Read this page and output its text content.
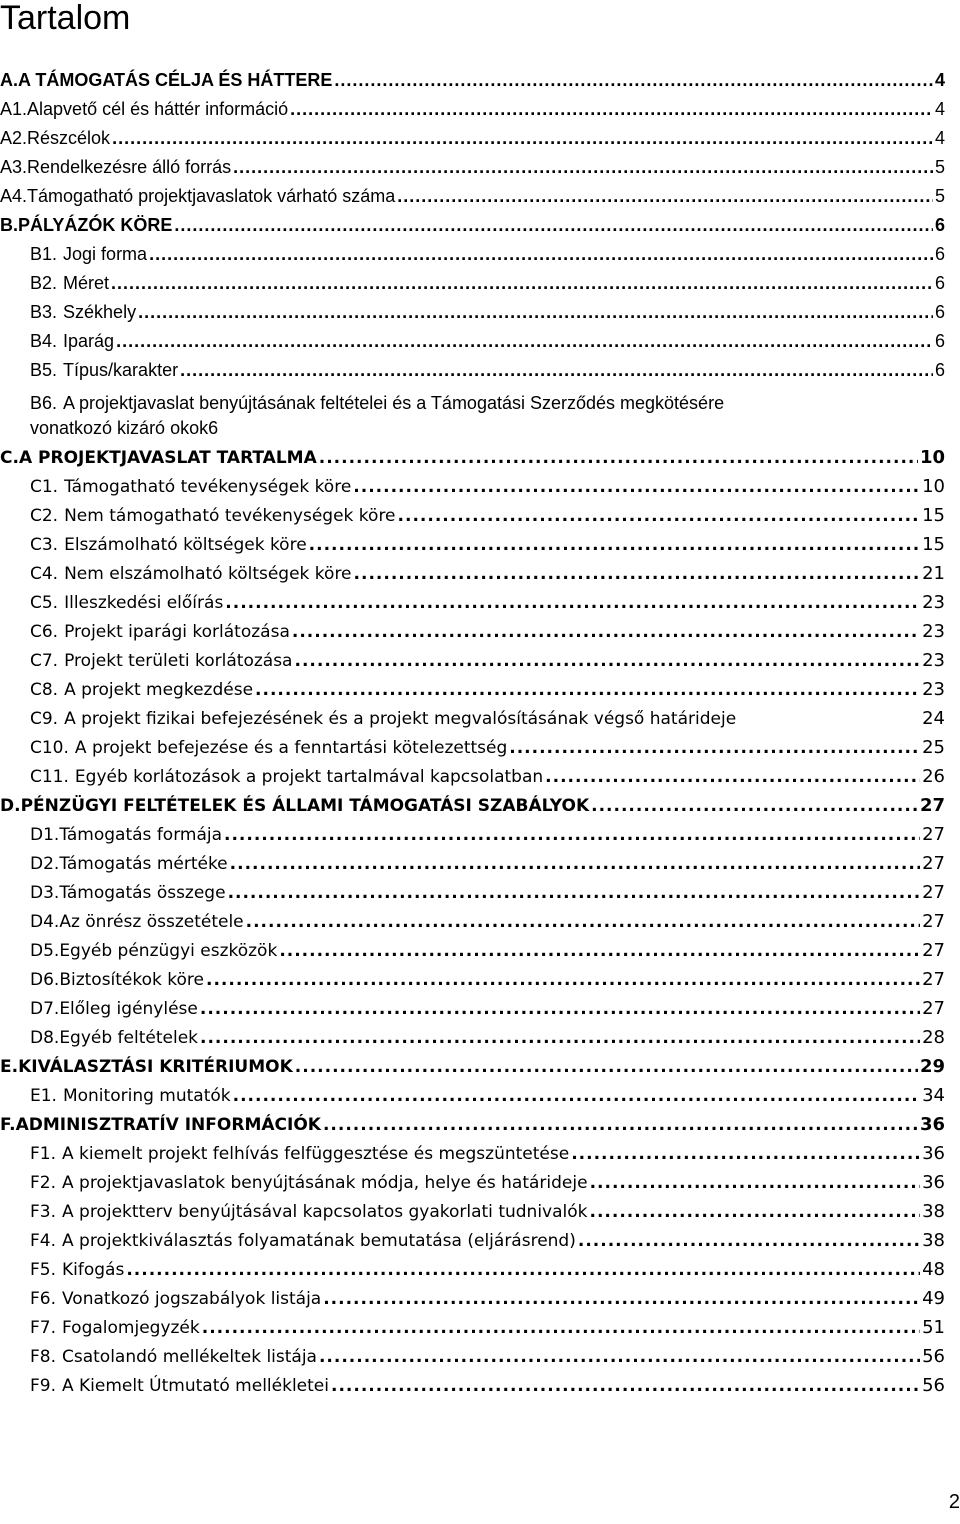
Tartalom
A. A TÁMOGATÁS CÉLJA ÉS HÁTTERE .....	4
A1. Alapvető cél és háttér információ .....	4
A2. Részcélok .....	4
A3. Rendelkezésre álló forrás .....	5
A4. Támogatható projektjavaslatok várható száma .....	5
B. PÁLYÁZÓK KÖRE .....	6
B1. Jogi forma .....	6
B2. Méret .....	6
B3. Székhely .....	6
B4. Iparág .....	6
B5. Típus/karakter .....	6
B6. A projektjavaslat benyújtásának feltételei és a Támogatási Szerződés megkötésére
vonatkozó kizáró okok 6
C. A PROJEKTJAVASLAT TARTALMA .....	10
C1. Támogatható tevékenységek köre .....	10
C2. Nem támogatható tevékenységek köre .....	15
C3. Elszámolható költségek köre .....	15
C4. Nem elszámolható költségek köre .....	21
C5. Illeszkedési előírás .....	23
C6. Projekt iparági korlátozása .....	23
C7. Projekt területi korlátozása .....	23
C8. A projekt megkezdése .....	23
C9. A projekt fizikai befejezésének és a projekt megvalósításának végső határideje	24
C10. A projekt befejezése és a fenntartási kötelezettség .....	25
C11. Egyéb korlátozások a projekt tartalmával kapcsolatban .....	26
D. PÉNZÜGYI FELTÉTELEK ÉS ÁLLAMI TÁMOGATÁSI SZABÁLYOK .....	27
D1. Támogatás formája .....	27
D2. Támogatás mértéke .....	27
D3. Támogatás összege .....	27
D4. Az önrész összetétele .....	27
D5. Egyéb pénzügyi eszközök .....	27
D6. Biztosítékok köre .....	27
D7. Előleg igénylése .....	27
D8. Egyéb feltételek .....	28
E. KIVÁLASZTÁSI KRITÉRIUMOK .....	29
E1. Monitoring mutatók .....	34
F. ADMINISZTRATÍV INFORMÁCIÓK .....	36
F1. A kiemelt projekt felhívás felfüggesztése és megszüntetése .....	36
F2. A projektjavaslatok benyújtásának módja, helye és határideje .....	36
F3. A projektterv benyújtásával kapcsolatos gyakorlati tudnivalók .....	38
F4. A projektkiválasztás folyamatának bemutatása (eljárásrend) .....	38
F5. Kifogás .....	48
F6. Vonatkozó jogszabályok listája .....	49
F7. Fogalomjegyzék .....	51
F8. Csatolandó mellékeltek listája .....	56
F9. A Kiemelt Útmutató mellékletei .....	56
2
